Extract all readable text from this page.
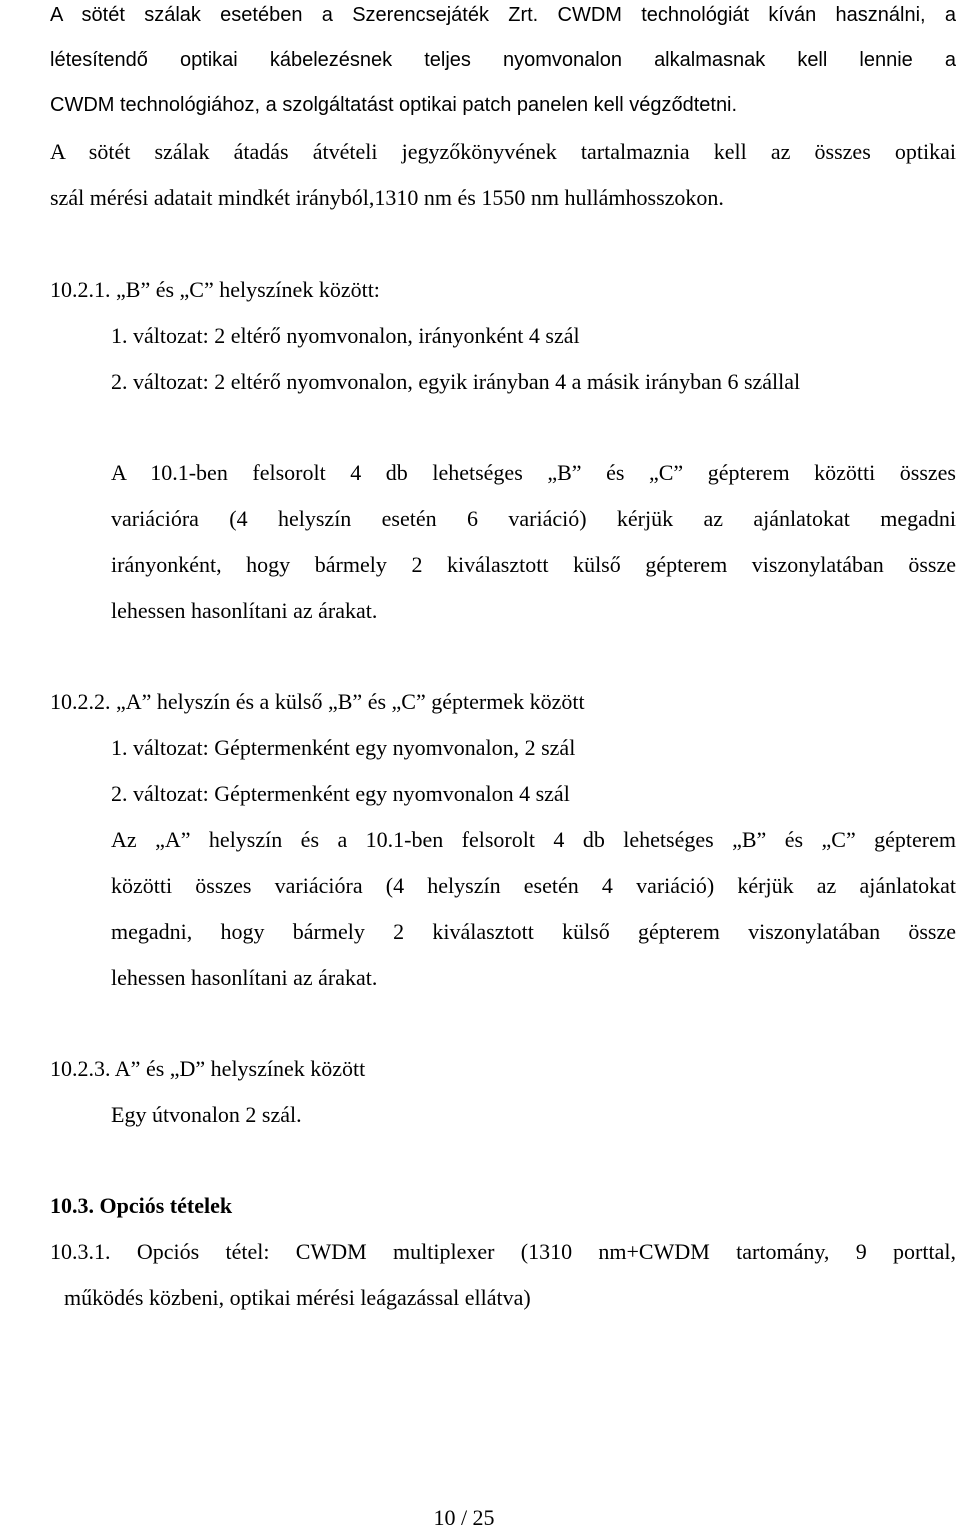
A sötét szálak esetében a Szerencsejáték Zrt. CWDM technológiát kíván használni, a
létesítendő optikai kábelezésnek teljes nyomvonalon alkalmasnak kell lennie a
CWDM technológiához, a szolgáltatást optikai patch panelen kell végződtetni.
A sötét szálak átadás átvételi jegyzőkönyvének tartalmaznia kell az összes optikai
szál mérési adatait mindkét irányból,1310 nm és 1550 nm hullámhosszokon.
10.2.1. „B” és „C” helyszínek között:
1. változat: 2 eltérő nyomvonalon, irányonként 4 szál
2. változat: 2 eltérő nyomvonalon, egyik irányban 4 a másik irányban 6 szállal
A 10.1-ben felsorolt 4 db lehetséges „B” és „C” gépterem közötti összes
variációra (4 helyszín esetén 6 variáció) kérjük az ajánlatokat megadni
irányonként, hogy bármely 2 kiválasztott külső gépterem viszonylatában össze
lehessen hasonlítani az árakat.
10.2.2. „A” helyszín és a külső „B” és „C” géptermek között
1. változat: Géptermenként egy nyomvonalon, 2 szál
2. változat: Géptermenként egy nyomvonalon 4 szál
Az „A” helyszín és a 10.1-ben felsorolt 4 db lehetséges „B” és „C” gépterem
közötti összes variációra (4 helyszín esetén 4 variáció) kérjük az ajánlatokat
megadni, hogy bármely 2 kiválasztott külső gépterem viszonylatában össze
lehessen hasonlítani az árakat.
10.2.3. A” és „D” helyszínek között
Egy útvonalon 2 szál.
10.3. Opciós tételek
10.3.1. Opciós tétel: CWDM multiplexer (1310 nm+CWDM tartomány, 9 porttal,
működés közbeni, optikai mérési leágazással ellátva)
10 / 25
